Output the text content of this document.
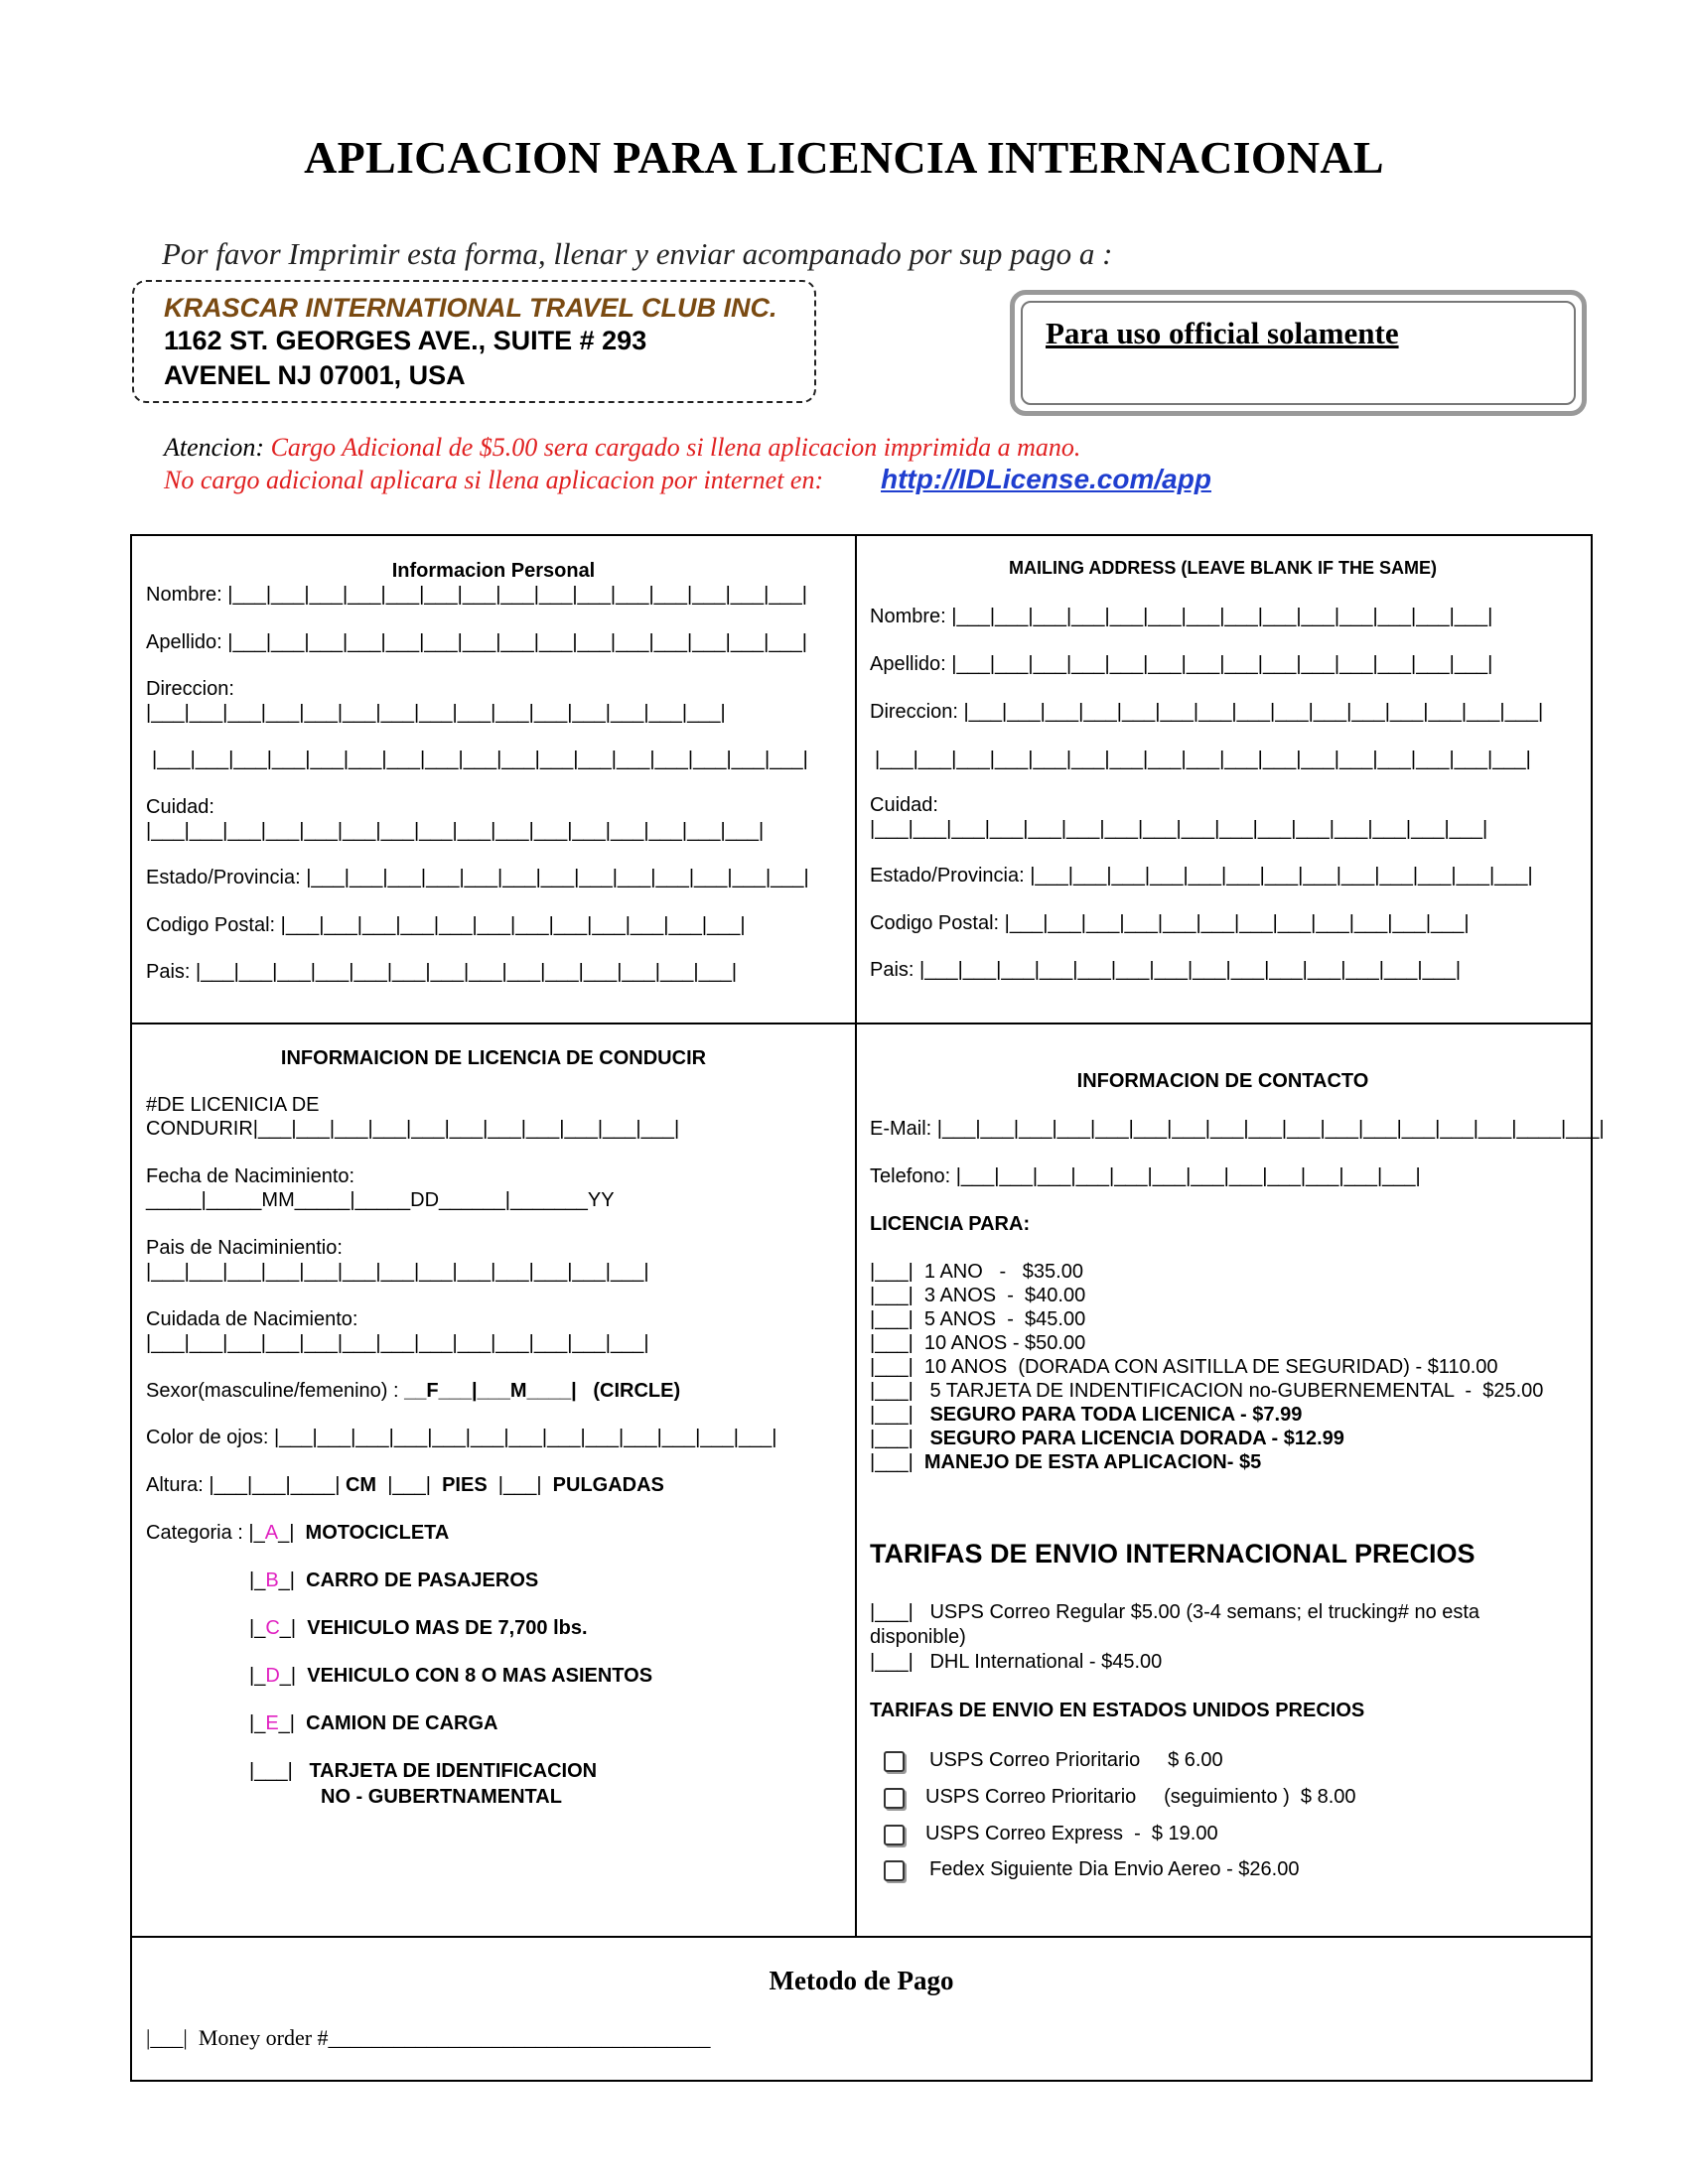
APLICACION PARA LICENCIA INTERNACIONAL
Por favor Imprimir esta forma, llenar y enviar acompanado por sup pago a :
KRASCAR INTERNATIONAL TRAVEL CLUB INC.
1162 ST. GEORGES AVE., SUITE # 293
AVENEL NJ 07001, USA
Para uso official solamente
Atencion: Cargo Adicional de $5.00 sera cargado si llena aplicacion imprimida a mano.
No cargo adicional aplicara si llena aplicacion por internet en: http://IDLicense.com/app
Informacion Personal
Nombre: |___|___|___|___|___|___|___|___|___|___|___|___|___|___|___|
Apellido: |___|___|___|___|___|___|___|___|___|___|___|___|___|___|___|
Direccion:
|___|___|___|___|___|___|___|___|___|___|___|___|___|___|___|
|___|___|___|___|___|___|___|___|___|___|___|___|___|___|___|___|___|
Cuidad:
|___|___|___|___|___|___|___|___|___|___|___|___|___|___|___|___|
Estado/Provincia: |___|___|___|___|___|___|___|___|___|___|___|___|___|
Codigo Postal: |___|___|___|___|___|___|___|___|___|___|___|___|
Pais: |___|___|___|___|___|___|___|___|___|___|___|___|___|___|
MAILING ADDRESS (LEAVE BLANK IF THE SAME)
Nombre: |___|___|___|___|___|___|___|___|___|___|___|___|___|___|
Apellido: |___|___|___|___|___|___|___|___|___|___|___|___|___|___|
Direccion: |___|___|___|___|___|___|___|___|___|___|___|___|___|___|___|
|___|___|___|___|___|___|___|___|___|___|___|___|___|___|___|___|___|
Cuidad:
|___|___|___|___|___|___|___|___|___|___|___|___|___|___|___|___|
Estado/Provincia: |___|___|___|___|___|___|___|___|___|___|___|___|___|
Codigo Postal: |___|___|___|___|___|___|___|___|___|___|___|___|
Pais: |___|___|___|___|___|___|___|___|___|___|___|___|___|___|
INFORMAICION DE LICENCIA DE CONDUCIR
#DE LICENICIA DE
CONDURIR|___|___|___|___|___|___|___|___|___|___|___|
Fecha de Naciminiento:
_____|_____MM_____|_____DD______|_______YY
Pais de Naciminientio:
|___|___|___|___|___|___|___|___|___|___|___|___|___|
Cuidada de Nacimiento:
|___|___|___|___|___|___|___|___|___|___|___|___|___|
Sexor(masculine/femenino) : __F___|___M____| (CIRCLE)
Color de ojos: |___|___|___|___|___|___|___|___|___|___|___|___|___|
Altura: |___|___|____| CM |___| PIES |___| PULGADAS
Categoria : |_A_| MOTOCICLETA
|_B_| CARRO DE PASAJEROS
|_C_| VEHICULO MAS DE 7,700 lbs.
|_D_| VEHICULO CON 8 O MAS ASIENTOS
|_E_| CAMION DE CARGA
|___| TARJETA DE IDENTIFICACION
NO - GUBERTNAMENTAL
INFORMACION DE CONTACTO
E-Mail: |___|___|___|___|___|___|___|___|___|___|___|___|___|___|___|____|___|
Telefono: |___|___|___|___|___|___|___|___|___|___|___|___|
LICENCIA PARA:
|___| 1 ANO   -   $35.00
|___| 3 ANOS  -  $40.00
|___| 5 ANOS  -  $45.00
|___| 10 ANOS - $50.00
|___| 10 ANOS  (DORADA CON ASITILLA DE SEGURIDAD) - $110.00
|___|   5 TARJETA DE INDENTIFICACION no-GUBERNEMENTAL  -  $25.00
|___|   SEGURO PARA TODA LICENICA - $7.99
|___|   SEGURO PARA LICENCIA DORADA - $12.99
|___| MANEJO DE ESTA APLICACION- $5
TARIFAS DE ENVIO INTERNACIONAL PRECIOS
|___| USPS Correo Regular $5.00 (3-4 semans; el trucking# no esta
disponible)
|___| DHL International - $45.00
TARIFAS DE ENVIO EN ESTADOS UNIDOS PRECIOS
USPS Correo Prioritario     $ 6.00
USPS Correo Prioritario     (seguimiento )  $ 8.00
USPS Correo Express  -  $ 19.00
Fedex Siguiente Dia Envio Aereo - $26.00
Metodo de Pago
|___| Money order #___________________________________
